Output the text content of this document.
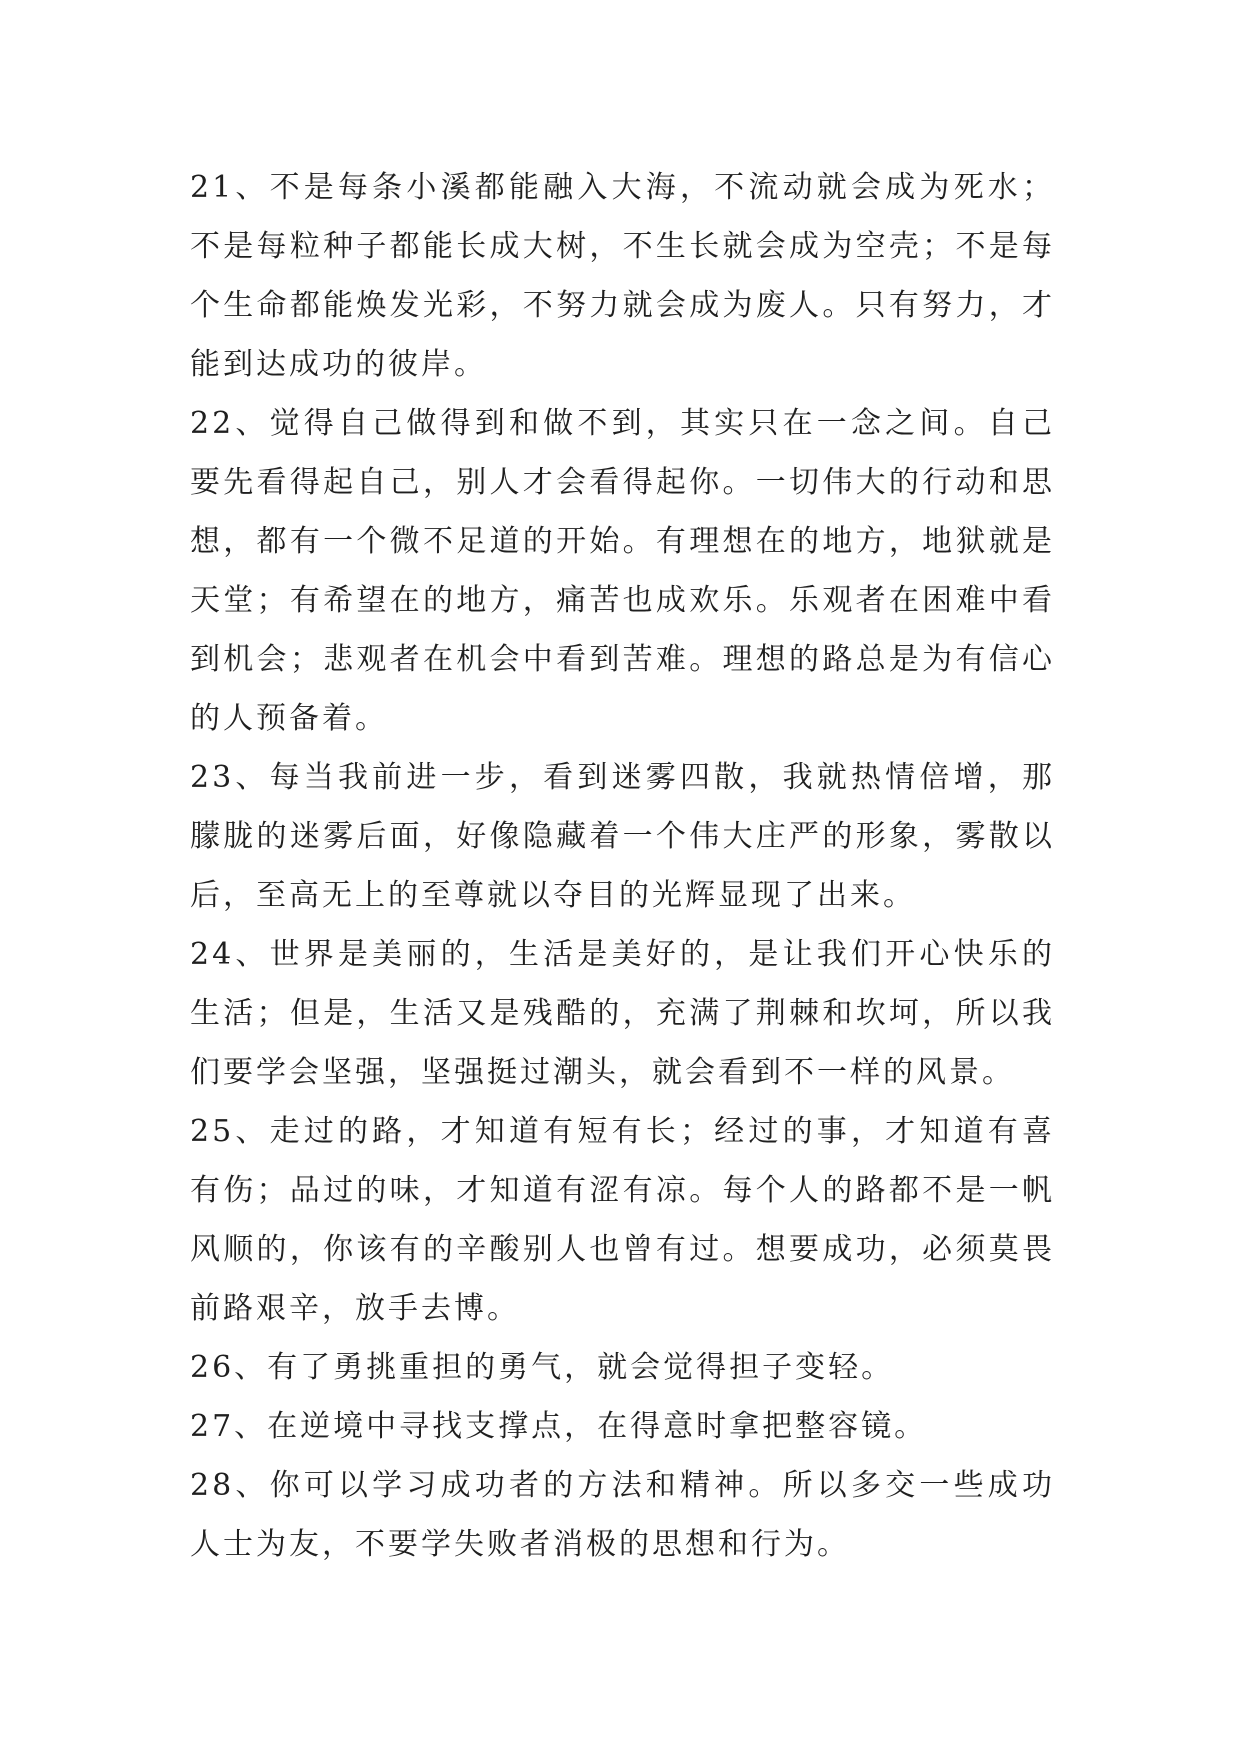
21、不是每条小溪都能融入大海，不流动就会成为死水；不是每粒种子都能长成大树，不生长就会成为空壳；不是每个生命都能焕发光彩，不努力就会成为废人。只有努力，才能到达成功的彼岸。

22、觉得自己做得到和做不到，其实只在一念之间。自己要先看得起自己，别人才会看得起你。一切伟大的行动和思想，都有一个微不足道的开始。有理想在的地方，地狱就是天堂；有希望在的地方，痛苦也成欢乐。乐观者在困难中看到机会；悲观者在机会中看到苦难。理想的路总是为有信心的人预备着。

23、每当我前进一步，看到迷雾四散，我就热情倍增，那朦胧的迷雾后面，好像隐藏着一个伟大庄严的形象，雾散以后，至高无上的至尊就以夺目的光辉显现了出来。

24、世界是美丽的，生活是美好的，是让我们开心快乐的生活；但是，生活又是残酷的，充满了荆棘和坎坷，所以我们要学会坚强，坚强挺过潮头，就会看到不一样的风景。

25、走过的路，才知道有短有长；经过的事，才知道有喜有伤；品过的味，才知道有涩有凉。每个人的路都不是一帆风顺的，你该有的辛酸别人也曾有过。想要成功，必须莫畏前路艰辛，放手去博。

26、有了勇挑重担的勇气，就会觉得担子变轻。

27、在逆境中寻找支撑点，在得意时拿把整容镜。

28、你可以学习成功者的方法和精神。所以多交一些成功人士为友，不要学失败者消极的思想和行为。
